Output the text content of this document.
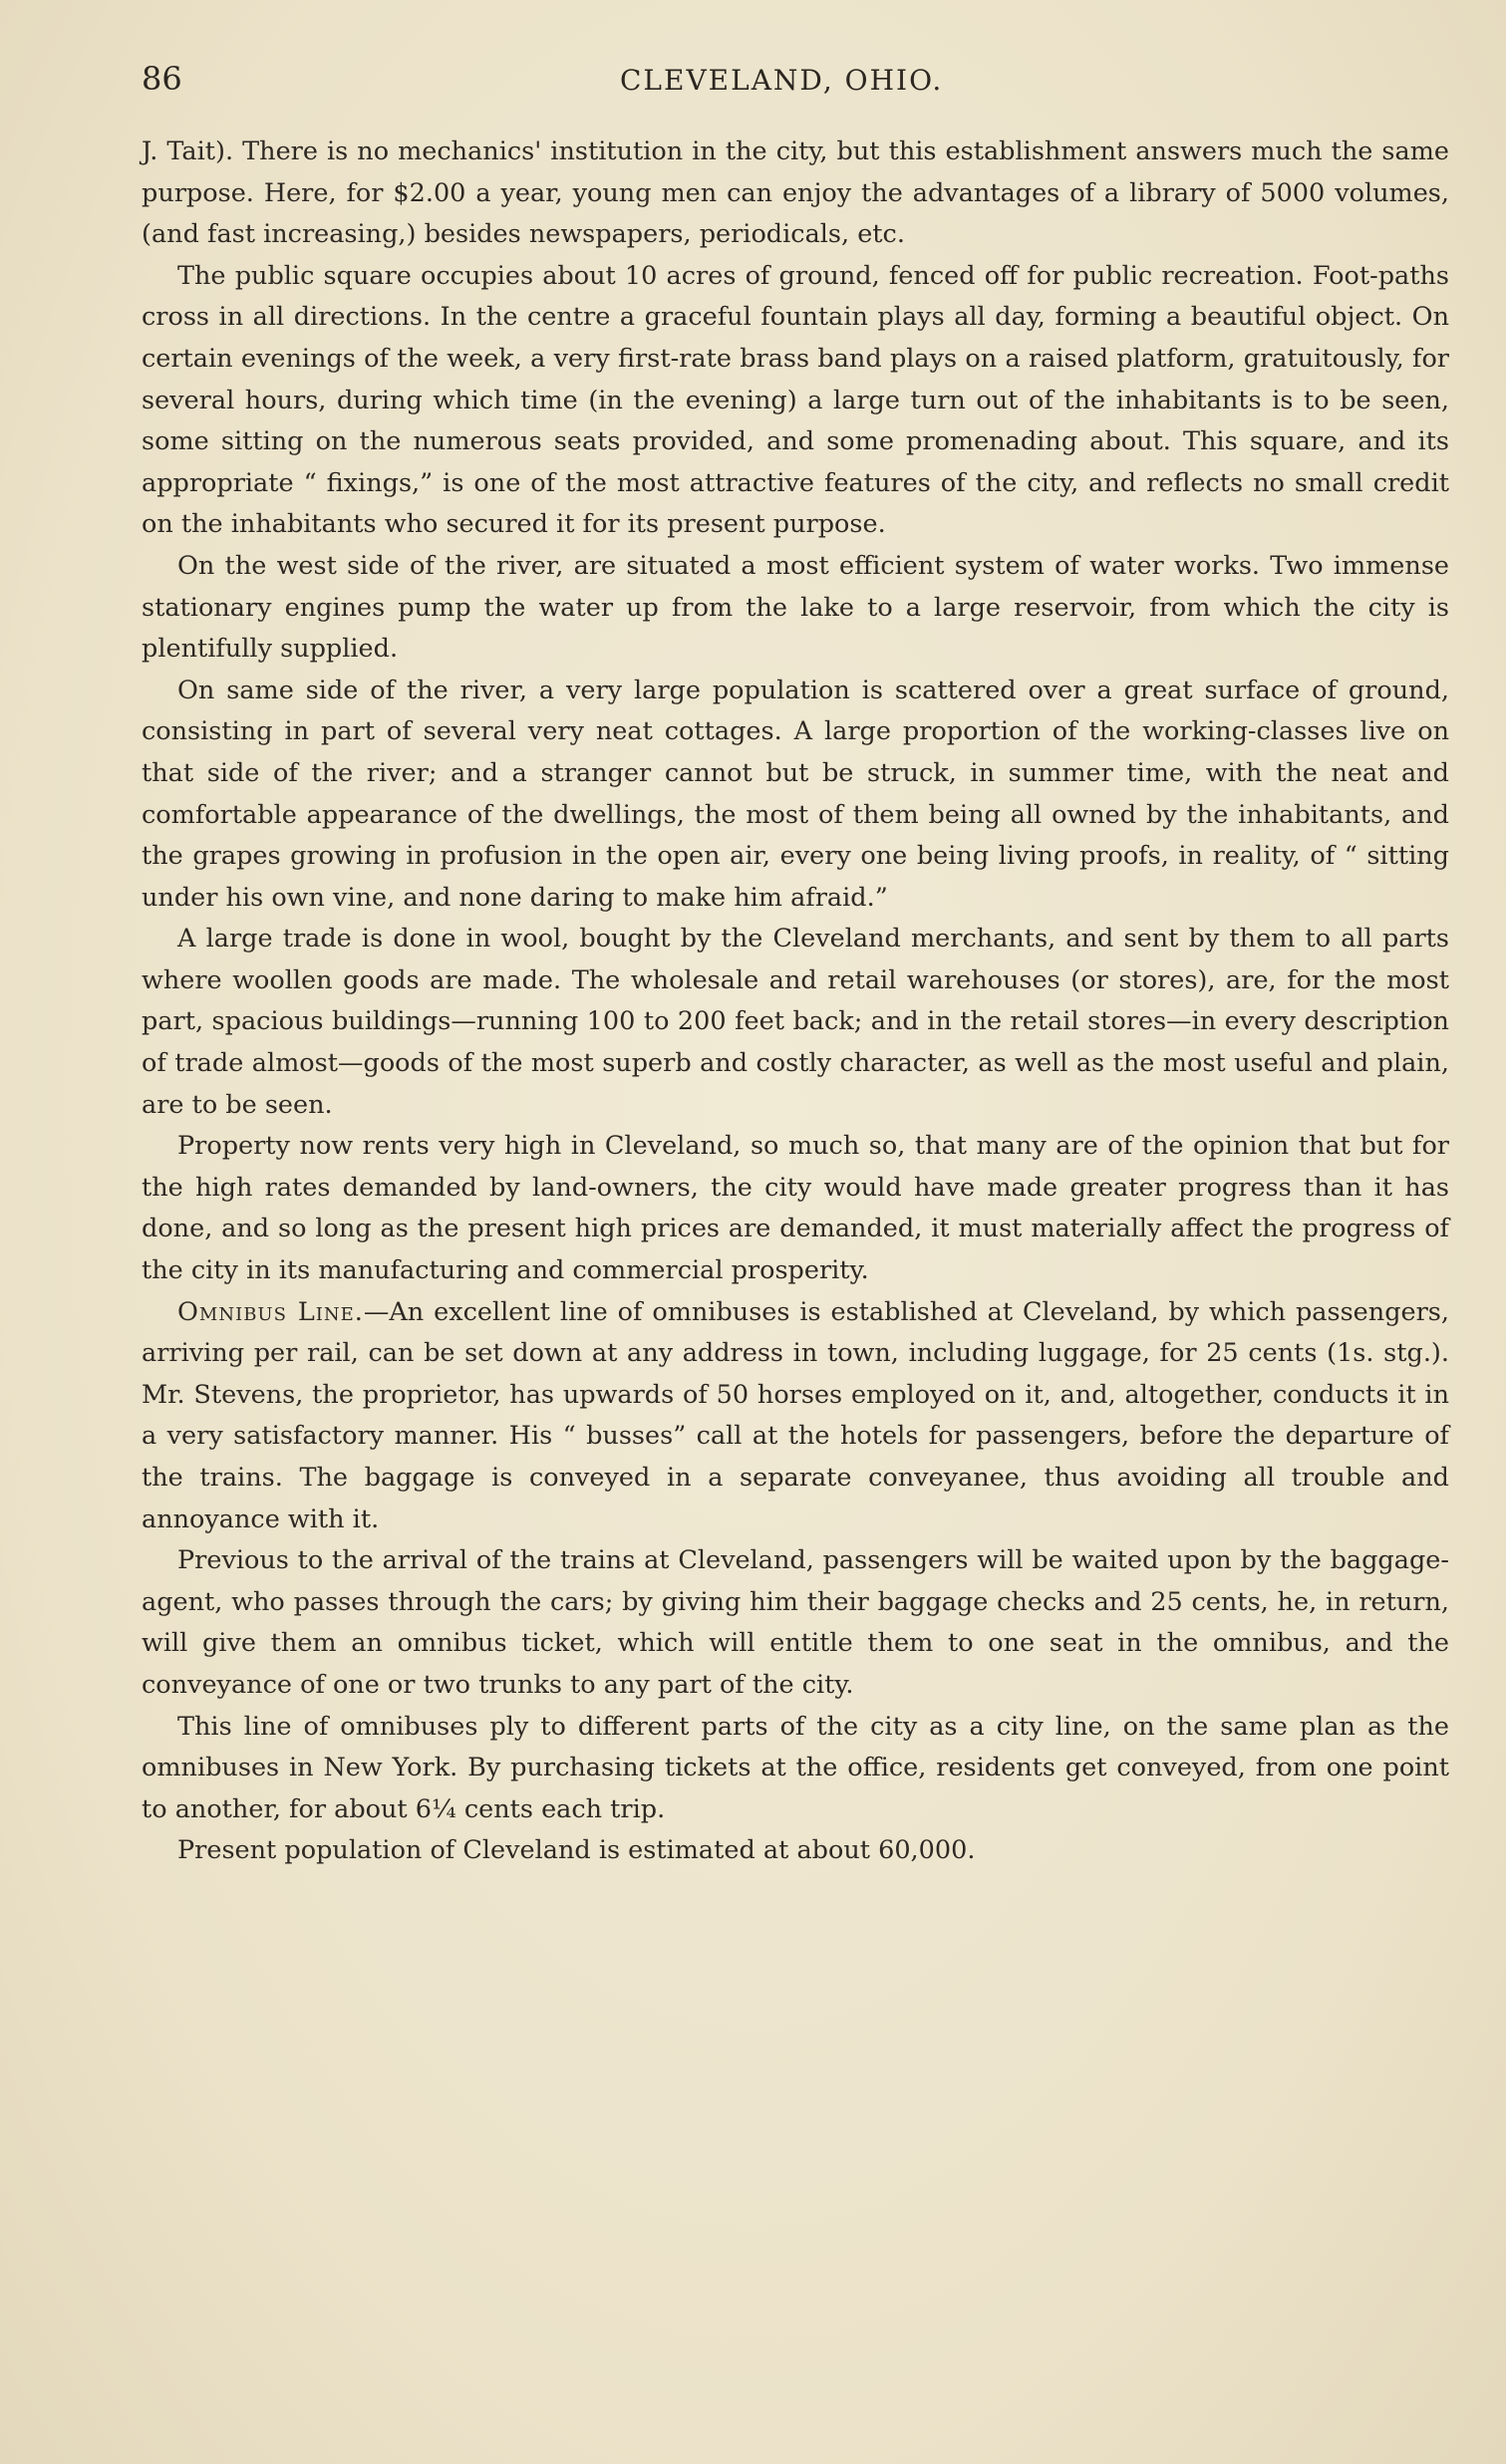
86	CLEVELAND, OHIO.

J. Tait). There is no mechanics' institution in the city, but this establishment answers much the same purpose. Here, for $2.00 a year, young men can enjoy the advantages of a library of 5000 volumes, (and fast increasing,) besides newspapers, periodicals, etc.

The public square occupies about 10 acres of ground, fenced off for public recreation. Foot-paths cross in all directions. In the centre a graceful fountain plays all day, forming a beautiful object. On certain evenings of the week, a very first-rate brass band plays on a raised platform, gratuitously, for several hours, during which time (in the evening) a large turn out of the inhabitants is to be seen, some sitting on the numerous seats provided, and some promenading about. This square, and its appropriate “ fixings,” is one of the most attractive features of the city, and reflects no small credit on the inhabitants who secured it for its present purpose.

On the west side of the river, are situated a most efficient system of water works. Two immense stationary engines pump the water up from the lake to a large reservoir, from which the city is plentifully supplied.

On same side of the river, a very large population is scattered over a great surface of ground, consisting in part of several very neat cottages. A large proportion of the working-classes live on that side of the river; and a stranger cannot but be struck, in summer time, with the neat and comfortable appearance of the dwellings, the most of them being all owned by the inhabitants, and the grapes growing in profusion in the open air, every one being living proofs, in reality, of “ sitting under his own vine, and none daring to make him afraid.”

A large trade is done in wool, bought by the Cleveland merchants, and sent by them to all parts where woollen goods are made. The wholesale and retail warehouses (or stores), are, for the most part, spacious buildings—running 100 to 200 feet back; and in the retail stores—in every description of trade almost—goods of the most superb and costly character, as well as the most useful and plain, are to be seen.

Property now rents very high in Cleveland, so much so, that many are of the opinion that but for the high rates demanded by land-owners, the city would have made greater progress than it has done, and so long as the present high prices are demanded, it must materially affect the progress of the city in its manufacturing and commercial prosperity.

Omnibus Line.—An excellent line of omnibuses is established at Cleveland, by which passengers, arriving per rail, can be set down at any address in town, including luggage, for 25 cents (1s. stg.). Mr. Stevens, the proprietor, has upwards of 50 horses employed on it, and, altogether, conducts it in a very satisfactory manner. His “ busses” call at the hotels for passengers, before the departure of the trains. The baggage is conveyed in a separate conveyanee, thus avoiding all trouble and annoyance with it.

Previous to the arrival of the trains at Cleveland, passengers will be waited upon by the baggage-agent, who passes through the cars; by giving him their baggage checks and 25 cents, he, in return, will give them an omnibus ticket, which will entitle them to one seat in the omnibus, and the conveyance of one or two trunks to any part of the city.

This line of omnibuses ply to different parts of the city as a city line, on the same plan as the omnibuses in New York. By purchasing tickets at the office, residents get conveyed, from one point to another, for about 6¼ cents each trip.

Present population of Cleveland is estimated at about 60,000.
